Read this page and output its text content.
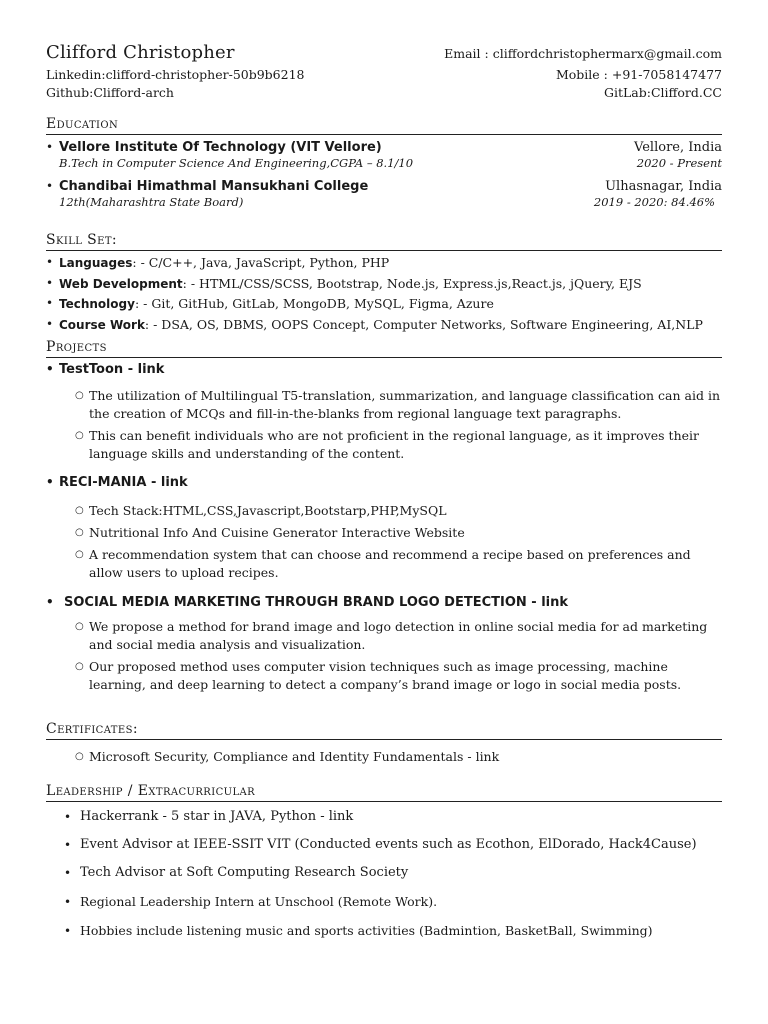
Clifford Christopher	Email : cliffordchristophermarx@gmail.com
Linkedin:clifford-christopher-50b9b6218	Mobile : +91-7058147477
Github:Clifford-arch	GitLab:Clifford.CC
Education
• Vellore Institute Of Technology (VIT Vellore)	Vellore, India
B.Tech in Computer Science And Engineering,CGPA – 8.1/10	2020 - Present
• Chandibai Himathmal Mansukhani College	Ulhasnagar, India
12th(Maharashtra State Board)	2019 - 2020: 84.46%
Skill Set:
• Languages: - C/C++, Java, JavaScript, Python, PHP
• Web Development: - HTML/CSS/SCSS, Bootstrap, Node.js, Express.js,React.js, jQuery, EJS
• Technology: - Git, GitHub, GitLab, MongoDB, MySQL, Figma, Azure
• Course Work: - DSA, OS, DBMS, OOPS Concept, Computer Networks, Software Engineering, AI,NLP
Projects
• TestToon - link
○ The utilization of Multilingual T5-translation, summarization, and language classification can aid in the creation of MCQs and fill-in-the-blanks from regional language text paragraphs.
○ This can benefit individuals who are not proficient in the regional language, as it improves their language skills and understanding of the content.
• RECI-MANIA - link
○ Tech Stack:HTML,CSS,Javascript,Bootstarp,PHP,MySQL
○ Nutritional Info And Cuisine Generator Interactive Website
○ A recommendation system that can choose and recommend a recipe based on preferences and allow users to upload recipes.
• SOCIAL MEDIA MARKETING THROUGH BRAND LOGO DETECTION - link
○ We propose a method for brand image and logo detection in online social media for ad marketing and social media analysis and visualization.
○ Our proposed method uses computer vision techniques such as image processing, machine learning, and deep learning to detect a company’s brand image or logo in social media posts.
Certificates:
○ Microsoft Security, Compliance and Identity Fundamentals - link
Leadership / Extracurricular
• Hackerrank - 5 star in JAVA, Python - link
• Event Advisor at IEEE-SSIT VIT (Conducted events such as Ecothon, ElDorado, Hack4Cause)
• Tech Advisor at Soft Computing Research Society
• Regional Leadership Intern at Unschool (Remote Work).
• Hobbies include listening music and sports activities (Badmintion, BasketBall, Swimming)
